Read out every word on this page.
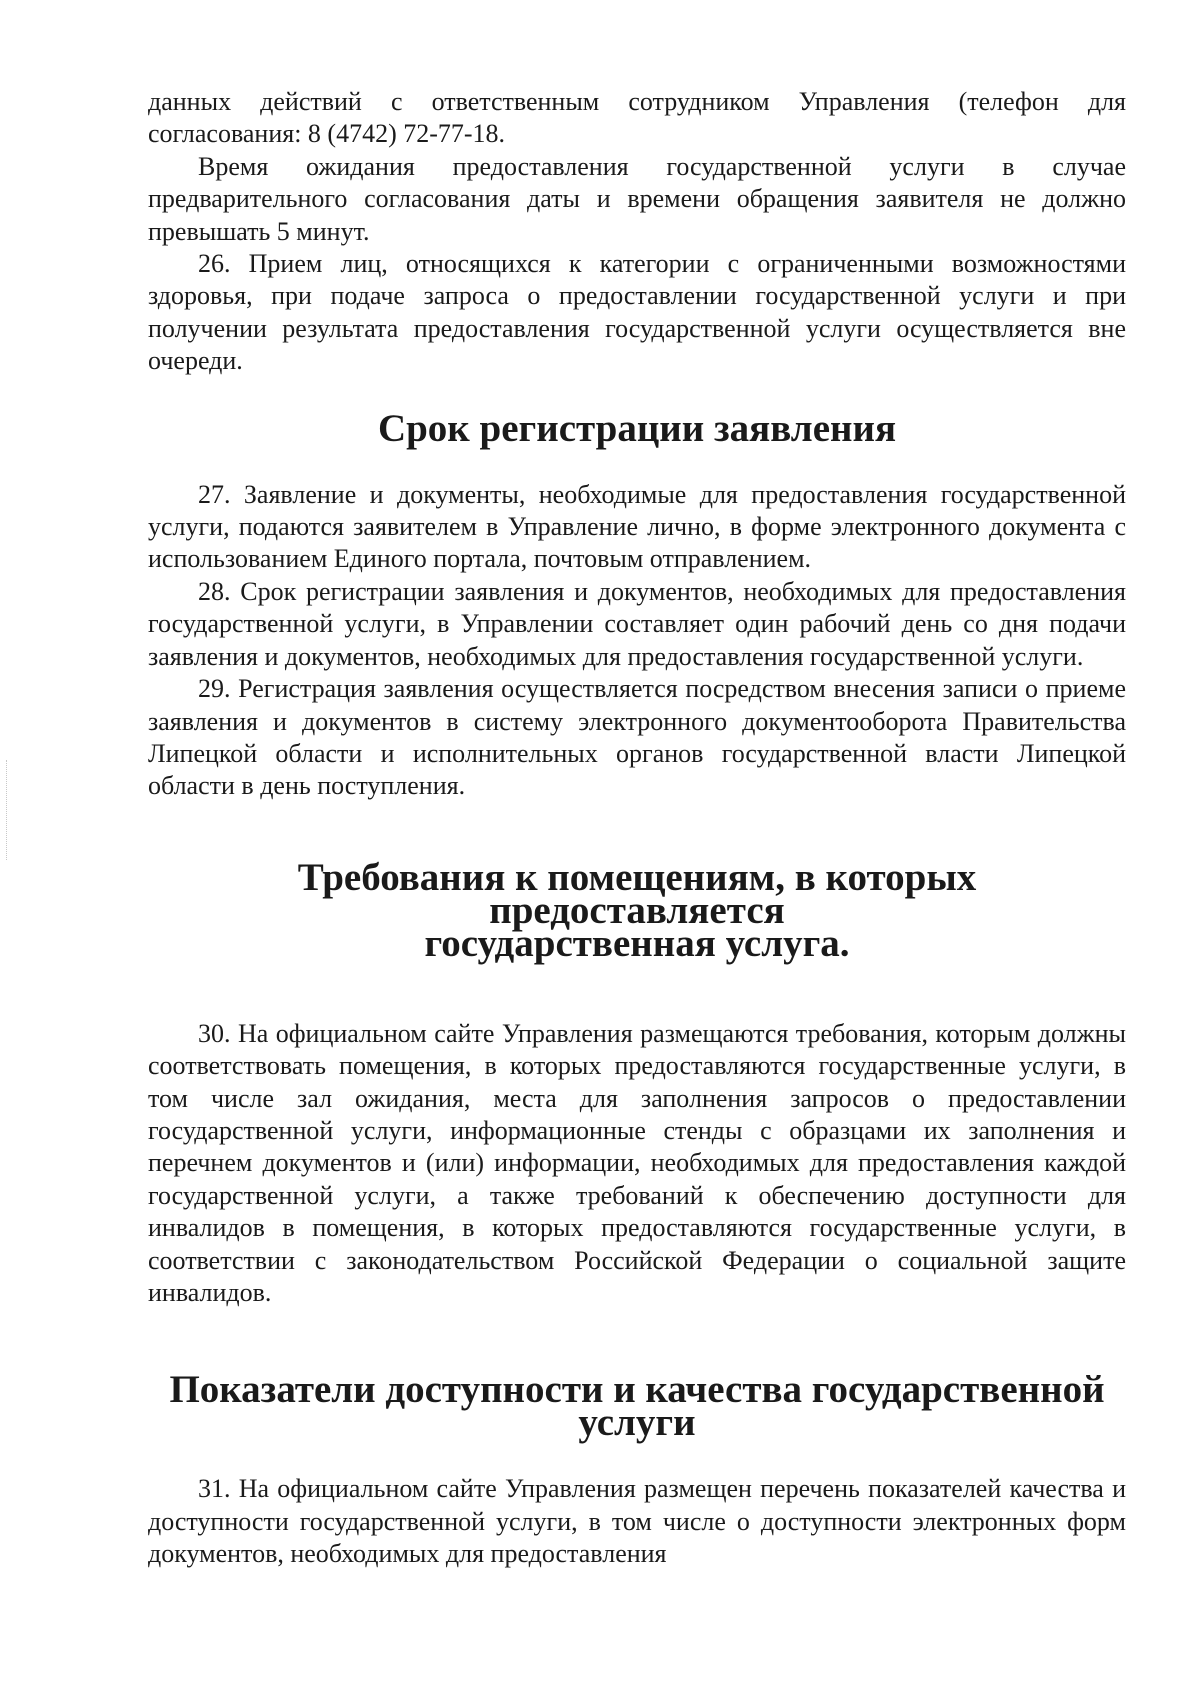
данных действий с ответственным сотрудником Управления (телефон для согласования: 8 (4742) 72-77-18.

Время ожидания предоставления государственной услуги в случае предварительного согласования даты и времени обращения заявителя не должно превышать 5 минут.

26. Прием лиц, относящихся к категории с ограниченными возможностями здоровья, при подаче запроса о предоставлении государственной услуги и при получении результата предоставления государственной услуги осуществляется вне очереди.

Срок регистрации заявления

27. Заявление и документы, необходимые для предоставления государственной услуги, подаются заявителем в Управление лично, в форме электронного документа с использованием Единого портала, почтовым отправлением.

28. Срок регистрации заявления и документов, необходимых для предоставления государственной услуги, в Управлении составляет один рабочий день со дня подачи заявления и документов, необходимых для предоставления государственной услуги.

29. Регистрация заявления осуществляется посредством внесения записи о приеме заявления и документов в систему электронного документооборота Правительства Липецкой области и исполнительных органов государственной власти Липецкой области в день поступления.

Требования к помещениям, в которых предоставляется
государственная услуга.

30. На официальном сайте Управления размещаются требования, которым должны соответствовать помещения, в которых предоставляются государственные услуги, в том числе зал ожидания, места для заполнения запросов о предоставлении государственной услуги, информационные стенды с образцами их заполнения и перечнем документов и (или) информации, необходимых для предоставления каждой государственной услуги, а также требований к обеспечению доступности для инвалидов в помещения, в которых предоставляются государственные услуги, в соответствии с законодательством Российской Федерации о социальной защите инвалидов.

Показатели доступности и качества государственной
услуги

31. На официальном сайте Управления размещен перечень показателей качества и доступности государственной услуги, в том числе о доступности электронных форм документов, необходимых для предоставления
